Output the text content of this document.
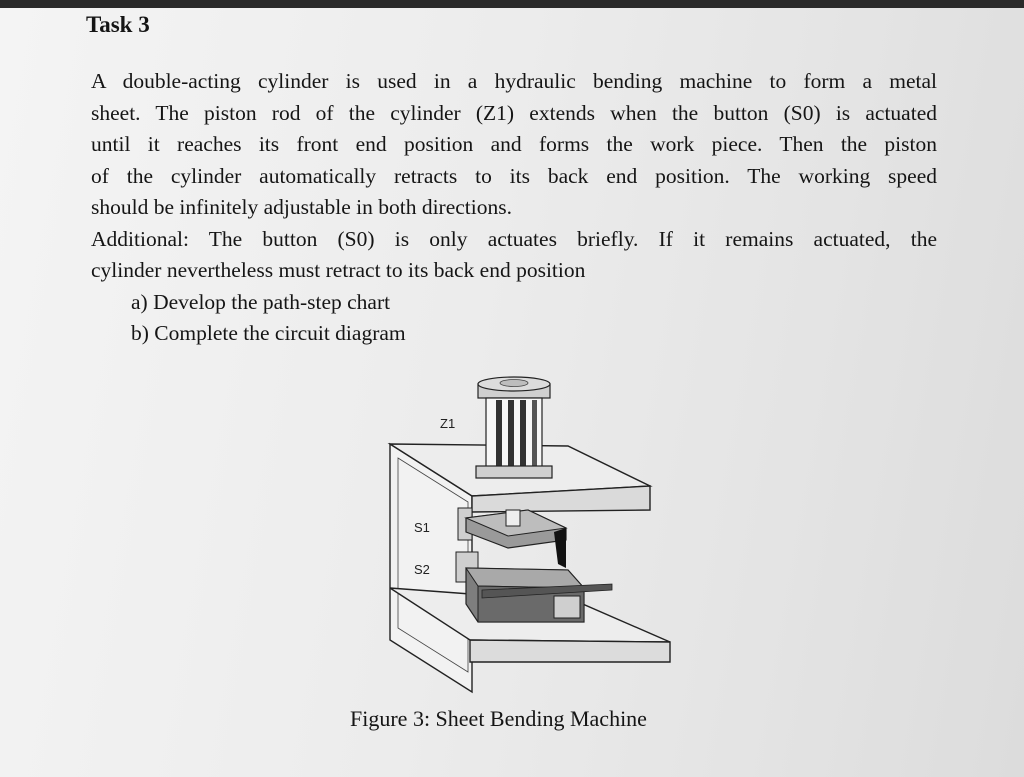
Task 3
A double-acting cylinder is used in a hydraulic bending machine to form a metal
sheet. The piston rod of the cylinder (Z1) extends when the button (S0) is actuated
until it reaches its front end position and forms the work piece. Then the piston
of the cylinder automatically retracts to its back end position. The working speed
should be infinitely adjustable in both directions.
Additional: The button (S0) is only actuates briefly. If it remains actuated, the
cylinder nevertheless must retract to its back end position
a) Develop the path-step chart
b) Complete the circuit diagram
Z1
S1
S2
Figure 3: Sheet Bending Machine
